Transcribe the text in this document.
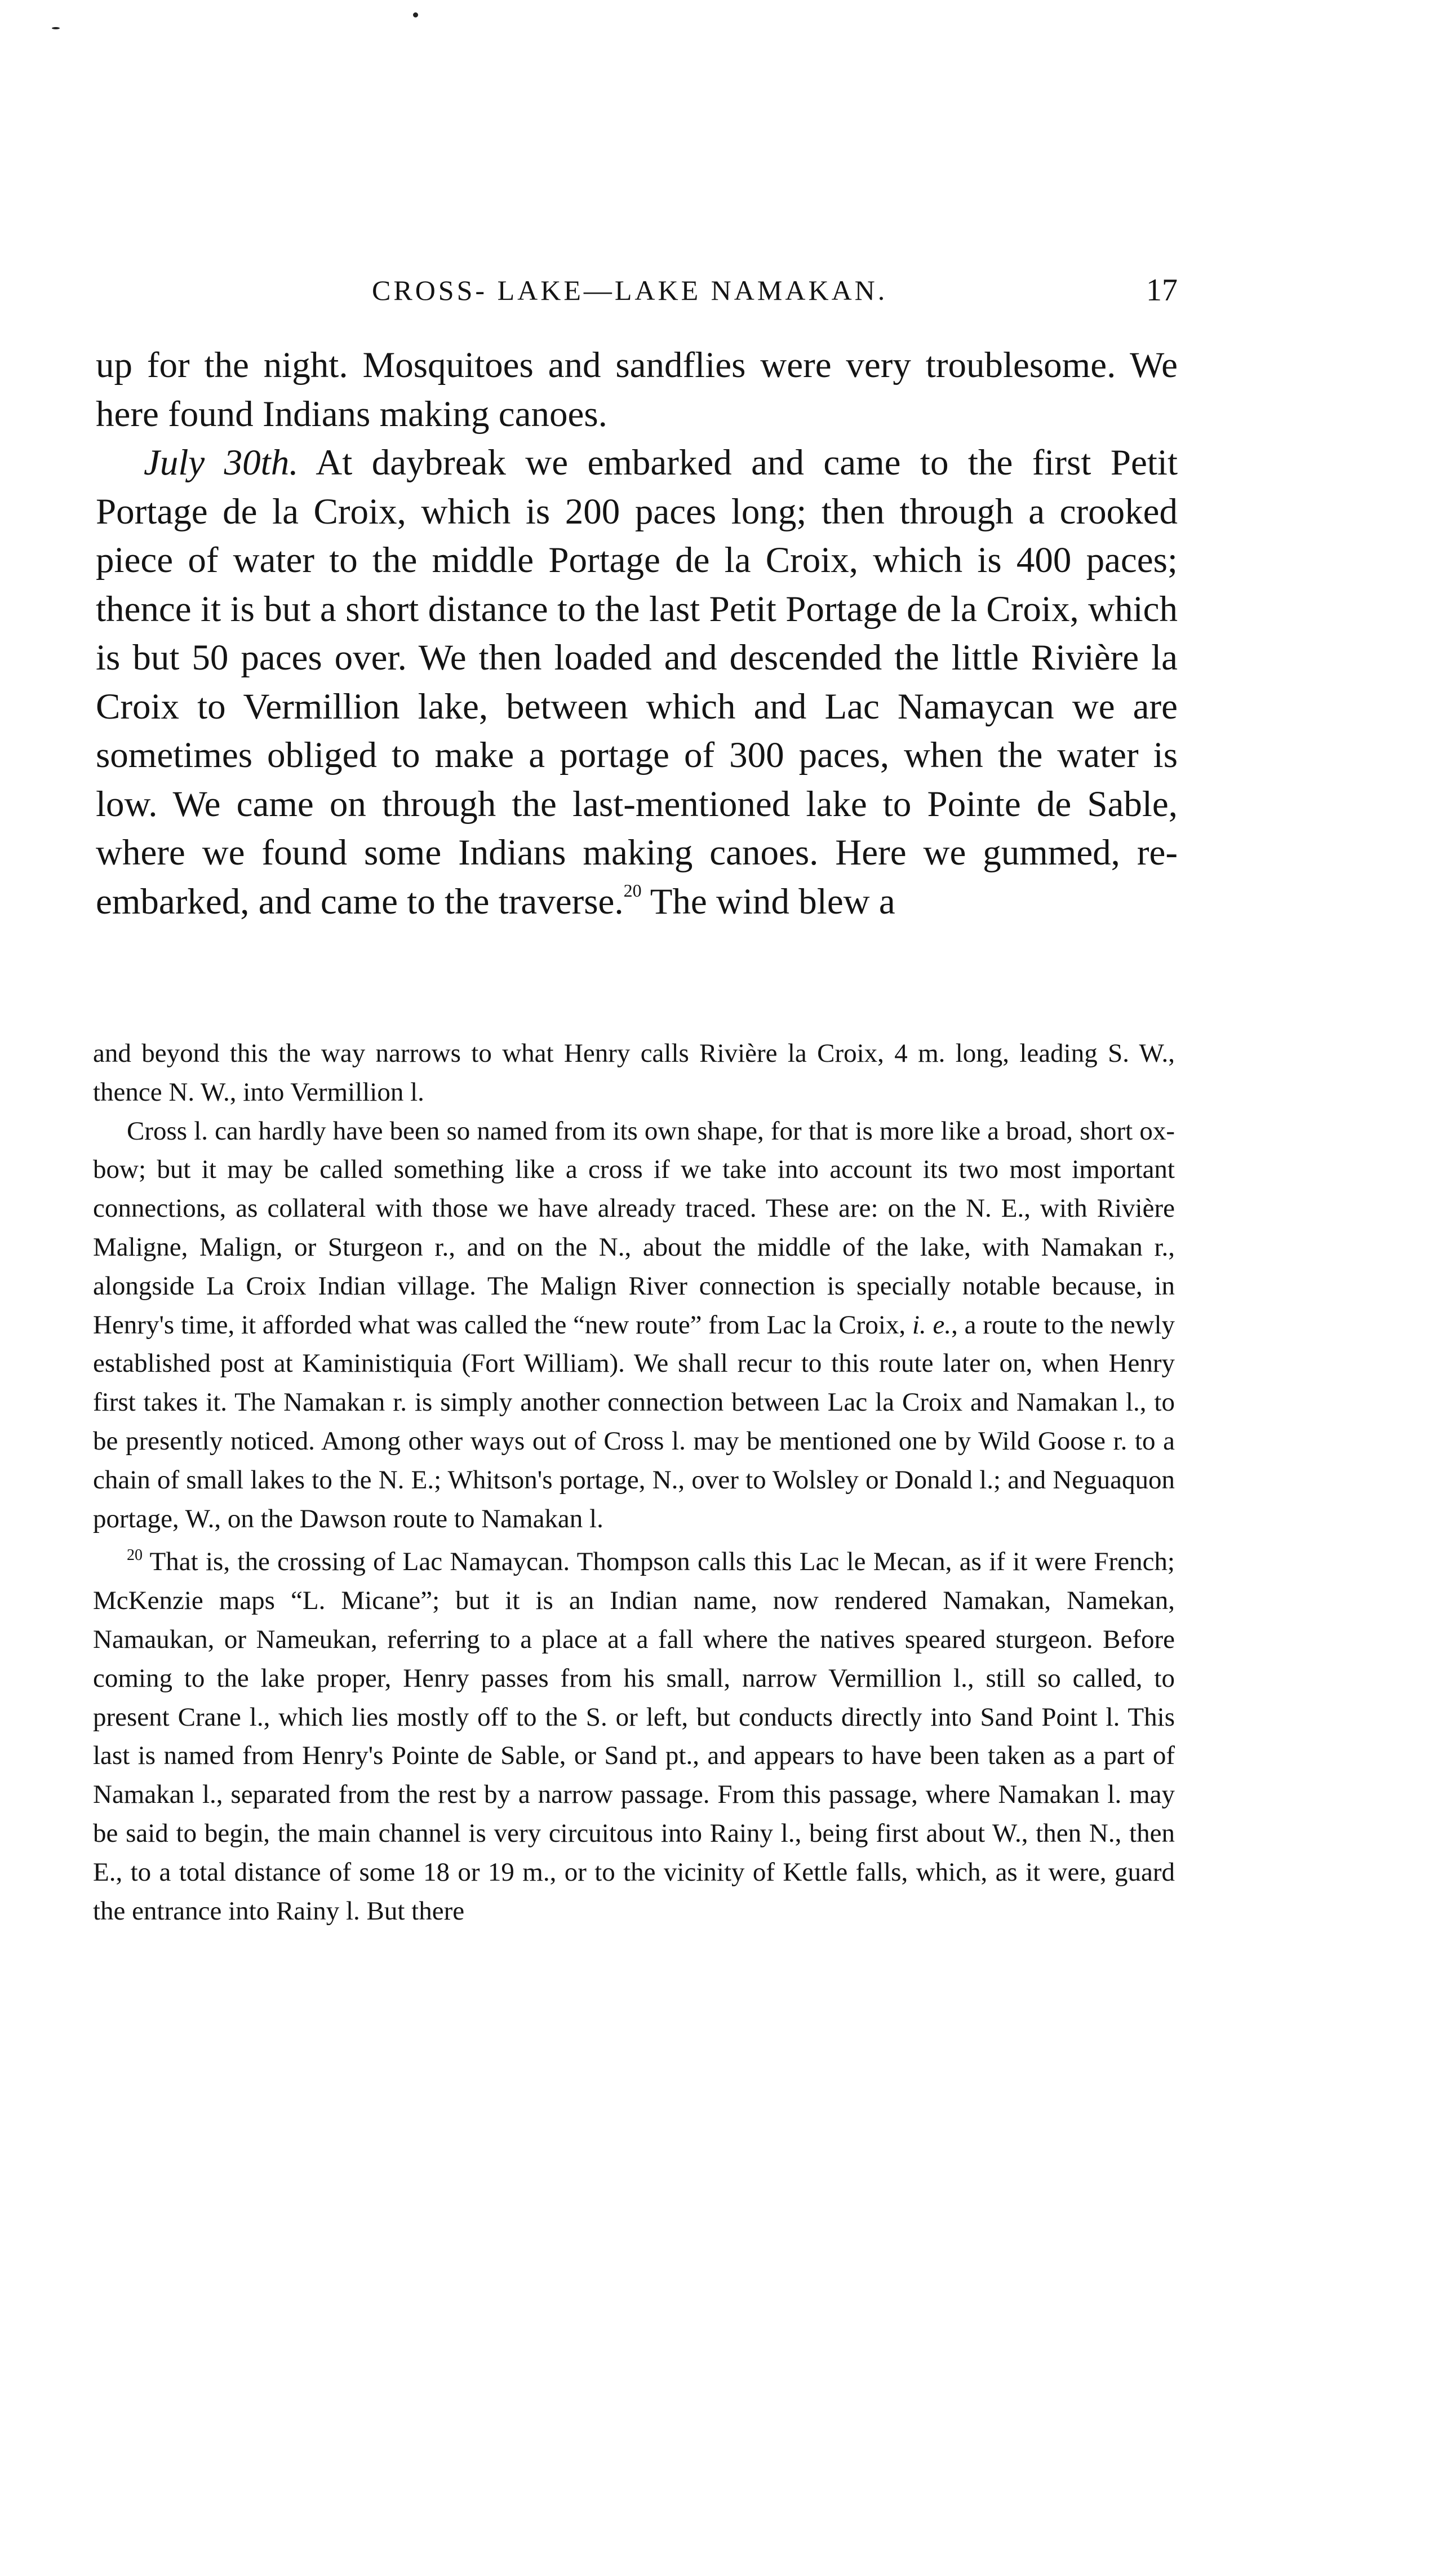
CROSS- LAKE—LAKE NAMAKAN.	17

up for the night. Mosquitoes and sandflies were very troublesome. We here found Indians making canoes.

July 30th. At daybreak we embarked and came to the first Petit Portage de la Croix, which is 200 paces long; then through a crooked piece of water to the middle Portage de la Croix, which is 400 paces; thence it is but a short distance to the last Petit Portage de la Croix, which is but 50 paces over. We then loaded and descended the little Rivière la Croix to Vermillion lake, between which and Lac Namaycan we are sometimes obliged to make a portage of 300 paces, when the water is low. We came on through the last-mentioned lake to Pointe de Sable, where we found some Indians making canoes. Here we gummed, re-embarked, and came to the traverse.$^{20}$ The wind blew a

and beyond this the way narrows to what Henry calls Rivière la Croix, 4 m. long, leading S. W., thence N. W., into Vermillion l.

Cross l. can hardly have been so named from its own shape, for that is more like a broad, short ox-bow; but it may be called something like a cross if we take into account its two most important connections, as collateral with those we have already traced. These are: on the N. E., with Rivière Maligne, Malign, or Sturgeon r., and on the N., about the middle of the lake, with Namakan r., alongside La Croix Indian village. The Malign River connection is specially notable because, in Henry's time, it afforded what was called the “new route” from Lac la Croix, i. e., a route to the newly established post at Kaministiquia (Fort William). We shall recur to this route later on, when Henry first takes it. The Namakan r. is simply another connection between Lac la Croix and Namakan l., to be presently noticed. Among other ways out of Cross l. may be mentioned one by Wild Goose r. to a chain of small lakes to the N. E.; Whitson's portage, N., over to Wolsley or Donald l.; and Neguaquon portage, W., on the Dawson route to Namakan l.

$^{20}$ That is, the crossing of Lac Namaycan. Thompson calls this Lac le Mecan, as if it were French; McKenzie maps “L. Micane”; but it is an Indian name, now rendered Namakan, Namekan, Namaukan, or Nameukan, referring to a place at a fall where the natives speared sturgeon. Before coming to the lake proper, Henry passes from his small, narrow Vermillion l., still so called, to present Crane l., which lies mostly off to the S. or left, but conducts directly into Sand Point l. This last is named from Henry's Pointe de Sable, or Sand pt., and appears to have been taken as a part of Namakan l., separated from the rest by a narrow passage. From this passage, where Namakan l. may be said to begin, the main channel is very circuitous into Rainy l., being first about W., then N., then E., to a total distance of some 18 or 19 m., or to the vicinity of Kettle falls, which, as it were, guard the entrance into Rainy l. But there
